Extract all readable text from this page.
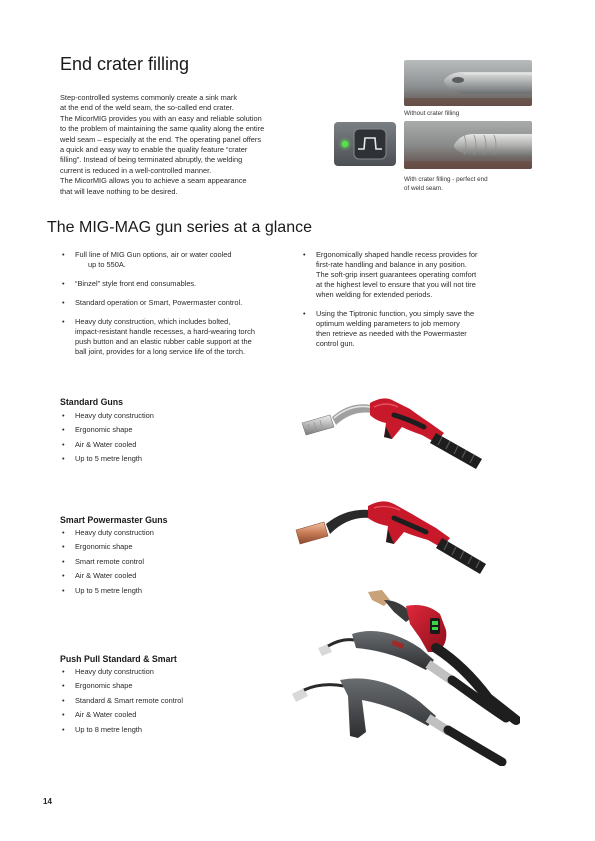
End crater filling

Step-controlled systems commonly create a sink mark

at the end of the weld seam, the so-called end crater.

The MicorMIG provides you with an easy and reliable solution

to the problem of maintaining the same quality along the entire

weld seam – especially at the end. The operating panel offers

a quick and easy way to enable the quality feature “crater

filling”. Instead of being terminated abruptly, the welding

current is reduced in a well-controlled manner.

The MicorMIG allows you to achieve a seam appearance

that will leave nothing to be desired.

Without crater filling
With crater filling - perfect end
of weld seam.
The MIG-MAG gun series at a glance
• Full line of MIG Gun options, air or water cooled
up to 550A.
• “Binzel” style front end consumables.
• Standard operation or Smart, Powermaster control.
• Heavy duty construction, which includes bolted,
impact-resistant handle recesses, a hard-wearing torch
push button and an elastic rubber cable support at the
ball joint, provides for a long service life of the torch.
• Ergonomically shaped handle recess provides for
first-rate handling and balance in any position.
The soft-grip insert guarantees operating comfort
at the highest level to ensure that you will not tire
when welding for extended periods.
• Using the Tiptronic function, you simply save the
optimum welding parameters to job memory
then retrieve as needed with the Powermaster
control gun.
Standard Guns
• Heavy duty construction
• Ergonomic shape
• Air & Water cooled
• Up to 5 metre length
Smart Powermaster Guns
• Heavy duty construction
• Ergonomic shape
• Smart remote control
• Air & Water cooled
• Up to 5 metre length
Push Pull Standard & Smart
• Heavy duty construction
• Ergonomic shape
• Standard & Smart remote control
• Air & Water cooled
• Up to 8 metre length
14
